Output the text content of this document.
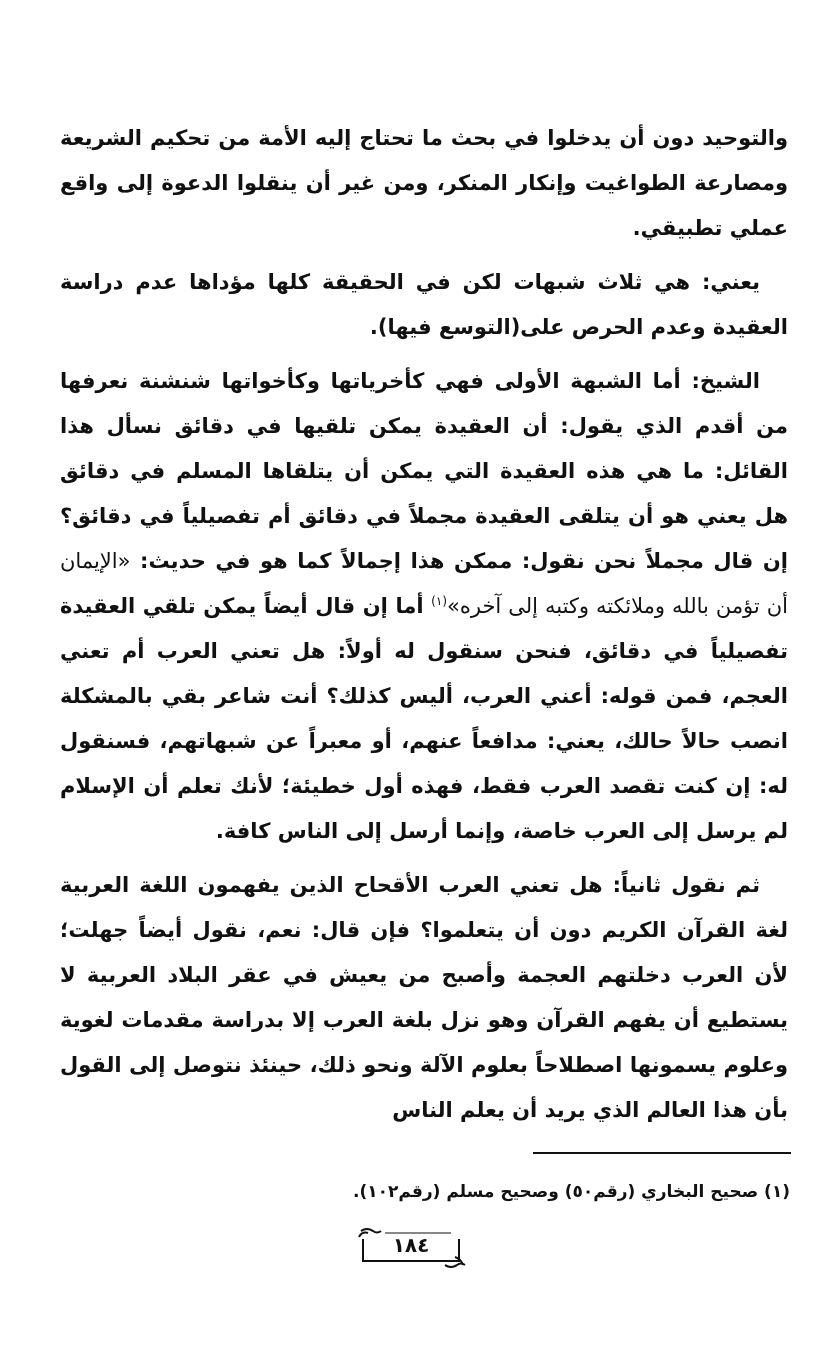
والتوحيد دون أن يدخلوا في بحث ما تحتاج إليه الأمة من تحكيم الشريعة ومصارعة الطواغيت وإنكار المنكر، ومن غير أن ينقلوا الدعوة إلى واقع عملي تطبيقي.

يعني: هي ثلاث شبهات لكن في الحقيقة كلها مؤداها عدم دراسة العقيدة وعدم الحرص على(التوسع فيها).

الشيخ: أما الشبهة الأولى فهي كأخرياتها وكأخواتها شنشنة نعرفها من أقدم الذي يقول: أن العقيدة يمكن تلقيها في دقائق نسأل هذا القائل: ما هي هذه العقيدة التي يمكن أن يتلقاها المسلم في دقائق هل يعني هو أن يتلقى العقيدة مجملاً في دقائق أم تفصيلياً في دقائق؟ إن قال مجملاً نحن نقول: ممكن هذا إجمالاً كما هو في حديث: «الإيمان أن تؤمن بالله وملائكته وكتبه إلى آخره»$^{(١)}$ أما إن قال أيضاً يمكن تلقي العقيدة تفصيلياً في دقائق، فنحن سنقول له أولاً: هل تعني العرب أم تعني العجم، فمن قوله: أعني العرب، أليس كذلك؟ أنت شاعر بقي بالمشكلة انصب حالاً حالك، يعني: مدافعاً عنهم، أو معبراً عن شبهاتهم، فسنقول له: إن كنت تقصد العرب فقط، فهذه أول خطيئة؛ لأنك تعلم أن الإسلام لم يرسل إلى العرب خاصة، وإنما أرسل إلى الناس كافة.

ثم نقول ثانياً: هل تعني العرب الأقحاح الذين يفهمون اللغة العربية لغة القرآن الكريم دون أن يتعلموا؟ فإن قال: نعم، نقول أيضاً جهلت؛ لأن العرب دخلتهم العجمة وأصبح من يعيش في عقر البلاد العربية لا يستطيع أن يفهم القرآن وهو نزل بلغة العرب إلا بدراسة مقدمات لغوية وعلوم يسمونها اصطلاحاً بعلوم الآلة ونحو ذلك، حينئذ نتوصل إلى القول بأن هذا العالم الذي يريد أن يعلم الناس

(١) صحيح البخاري (رقم٥٠) وصحيح مسلم (رقم١٠٢).
١٨٤
